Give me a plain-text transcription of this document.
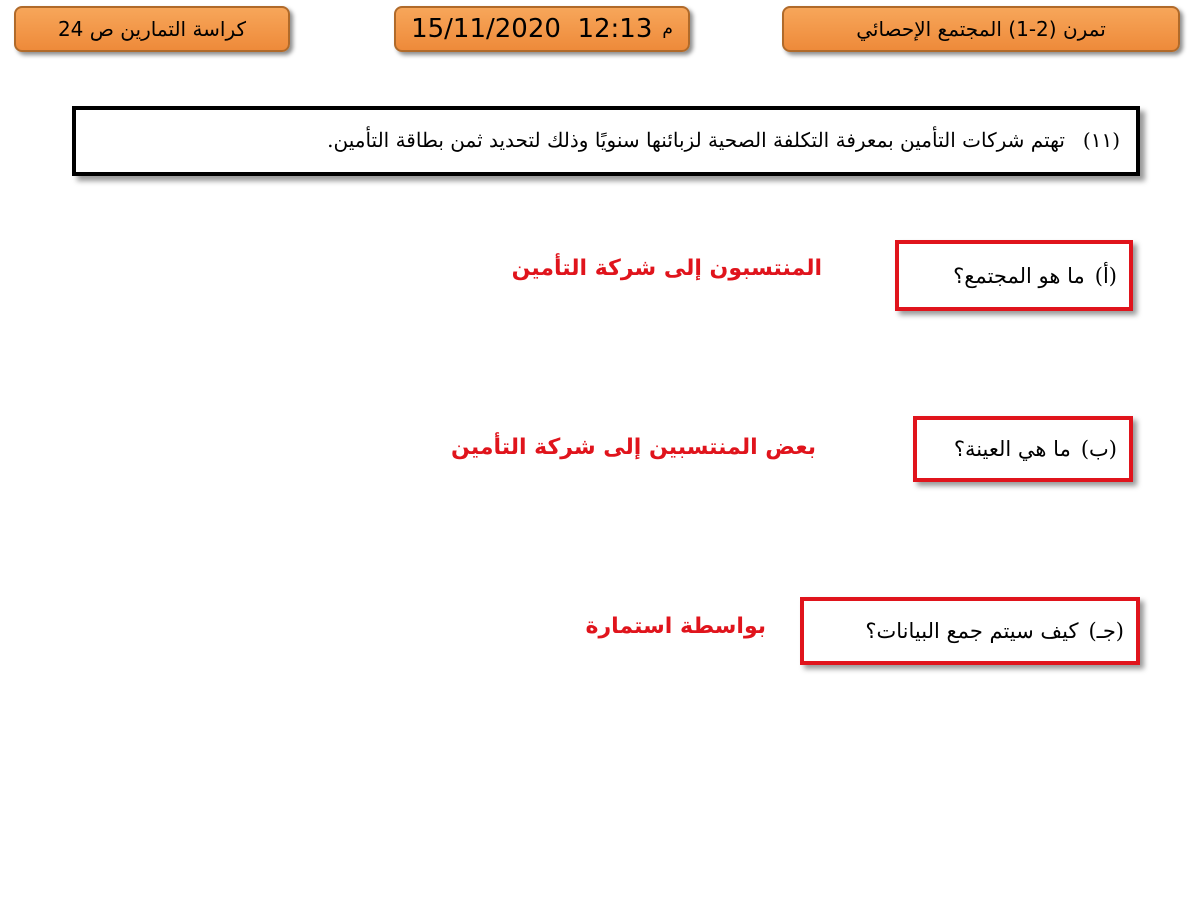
كراسة التمارين ص 24	15/11/2020  12:13 م	تمرن (2-1) المجتمع الإحصائي
(١١)تهتم شركات التأمين بمعرفة التكلفة الصحية لزبائنها سنويًا وذلك لتحديد ثمن بطاقة التأمين.
(أ)
ما هو المجتمع؟
المنتسبون إلى شركة التأمين
(ب)
ما هي العينة؟
بعض المنتسبين إلى شركة التأمين
(جـ)
كيف سيتم جمع البيانات؟
بواسطة استمارة
